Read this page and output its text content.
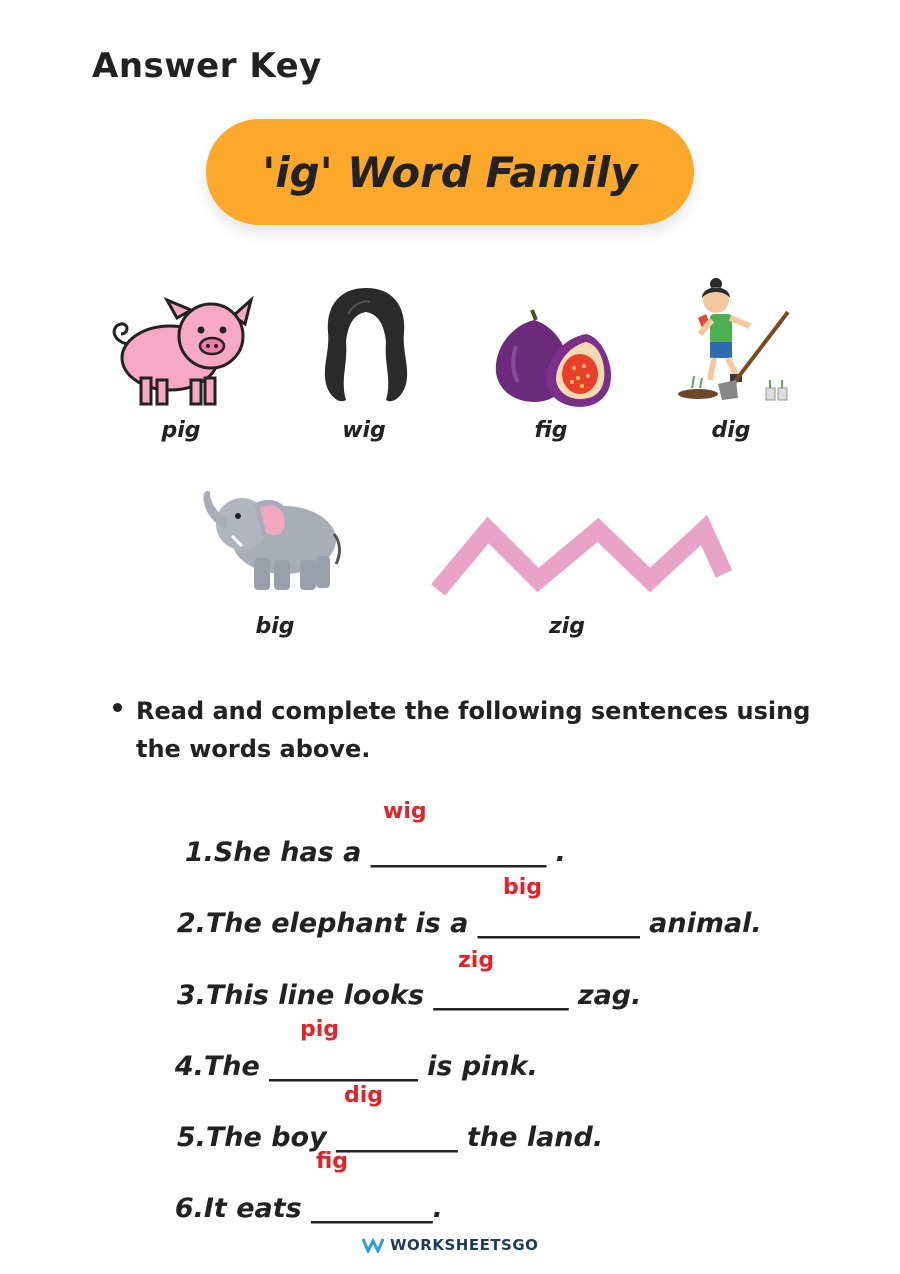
Answer Key
'ig' Word Family
pig	wig	fig	dig
big	zig
Read and complete the following sentences using the words above.

1.She has a _____________ .

wig

2.The elephant is a ____________ animal.

big

3.This line looks __________ zag.

zig

4.The ___________ is pink.

pig

5.The boy _________ the land.

dig

6.It eats _________.

fig
WORKSHEETS GO
